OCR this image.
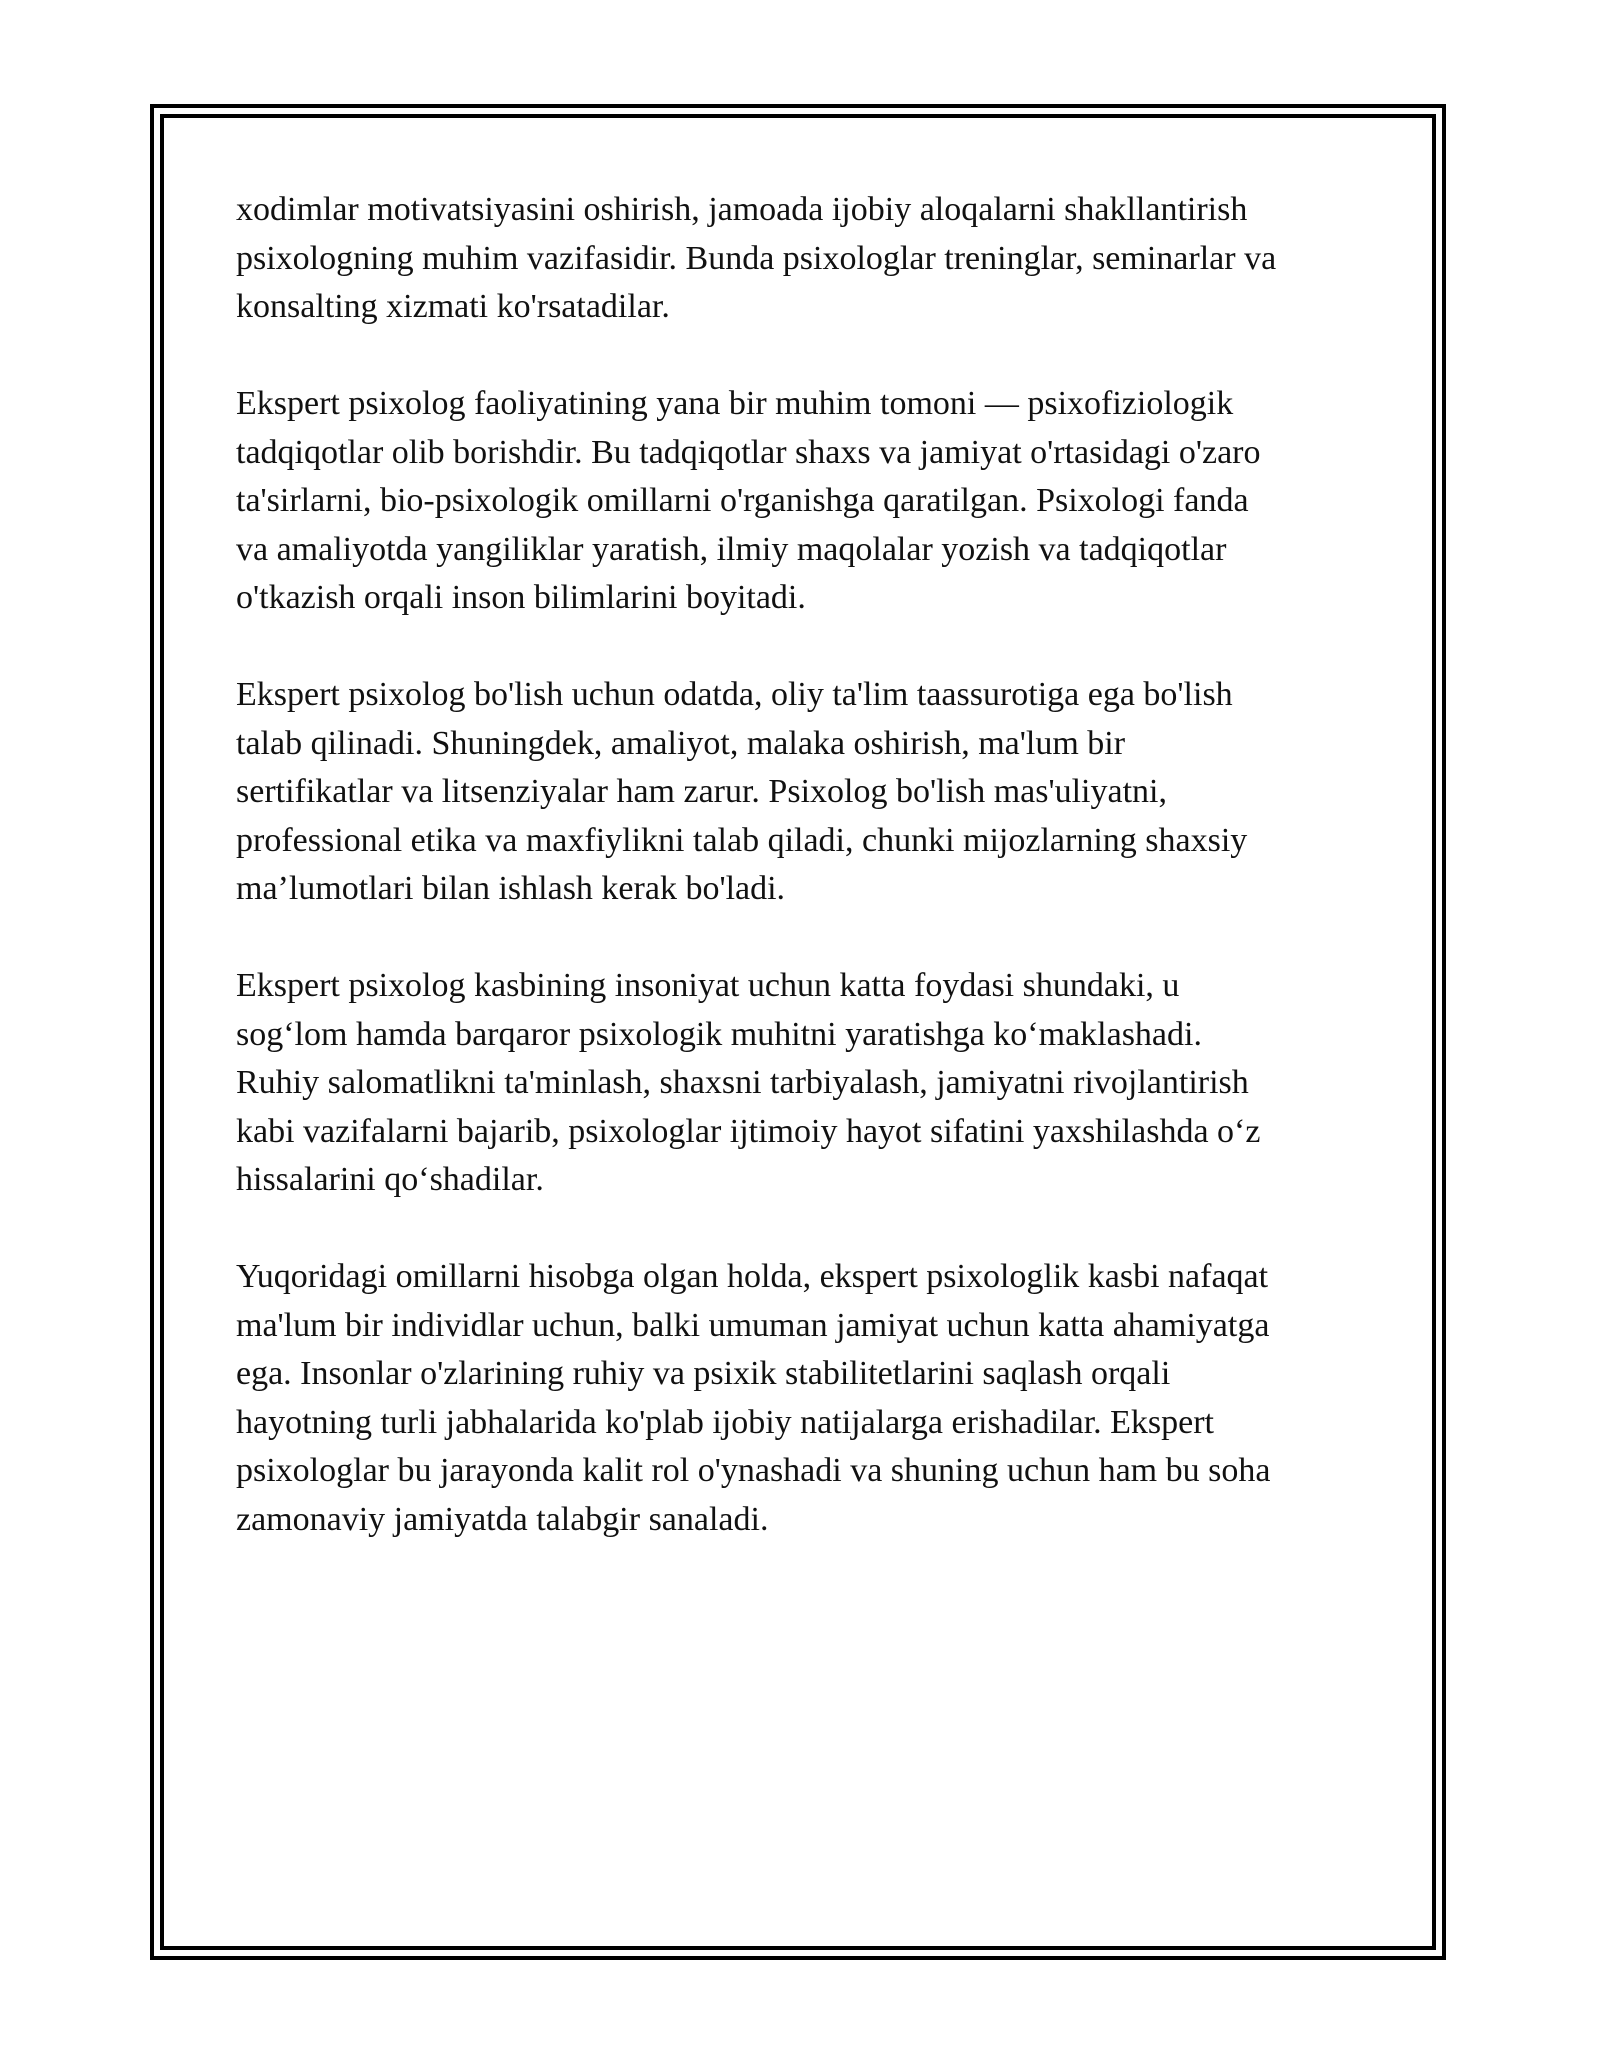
xodimlar motivatsiyasini oshirish, jamoada ijobiy aloqalarni shakllantirish
psixologning muhim vazifasidir. Bunda psixologlar treninglar, seminarlar va
konsalting xizmati ko'rsatadilar.

Ekspert psixolog faoliyatining yana bir muhim tomoni — psixofiziologik
tadqiqotlar olib borishdir. Bu tadqiqotlar shaxs va jamiyat o'rtasidagi o'zaro
ta'sirlarni, bio-psixologik omillarni o'rganishga qaratilgan. Psixologi fanda
va amaliyotda yangiliklar yaratish, ilmiy maqolalar yozish va tadqiqotlar
o'tkazish orqali inson bilimlarini boyitadi.

Ekspert psixolog bo'lish uchun odatda, oliy ta'lim taassurotiga ega bo'lish
talab qilinadi. Shuningdek, amaliyot, malaka oshirish, ma'lum bir
sertifikatlar va litsenziyalar ham zarur. Psixolog bo'lish mas'uliyatni,
professional etika va maxfiylikni talab qiladi, chunki mijozlarning shaxsiy
ma’lumotlari bilan ishlash kerak bo'ladi.

Ekspert psixolog kasbining insoniyat uchun katta foydasi shundaki, u
sog‘lom hamda barqaror psixologik muhitni yaratishga ko‘maklashadi.
Ruhiy salomatlikni ta'minlash, shaxsni tarbiyalash, jamiyatni rivojlantirish
kabi vazifalarni bajarib, psixologlar ijtimoiy hayot sifatini yaxshilashda o‘z
hissalarini qo‘shadilar.

Yuqoridagi omillarni hisobga olgan holda, ekspert psixologlik kasbi nafaqat
ma'lum bir individlar uchun, balki umuman jamiyat uchun katta ahamiyatga
ega. Insonlar o'zlarining ruhiy va psixik stabilitetlarini saqlash orqali
hayotning turli jabhalarida ko'plab ijobiy natijalarga erishadilar. Ekspert
psixologlar bu jarayonda kalit rol o'ynashadi va shuning uchun ham bu soha
zamonaviy jamiyatda talabgir sanaladi.
